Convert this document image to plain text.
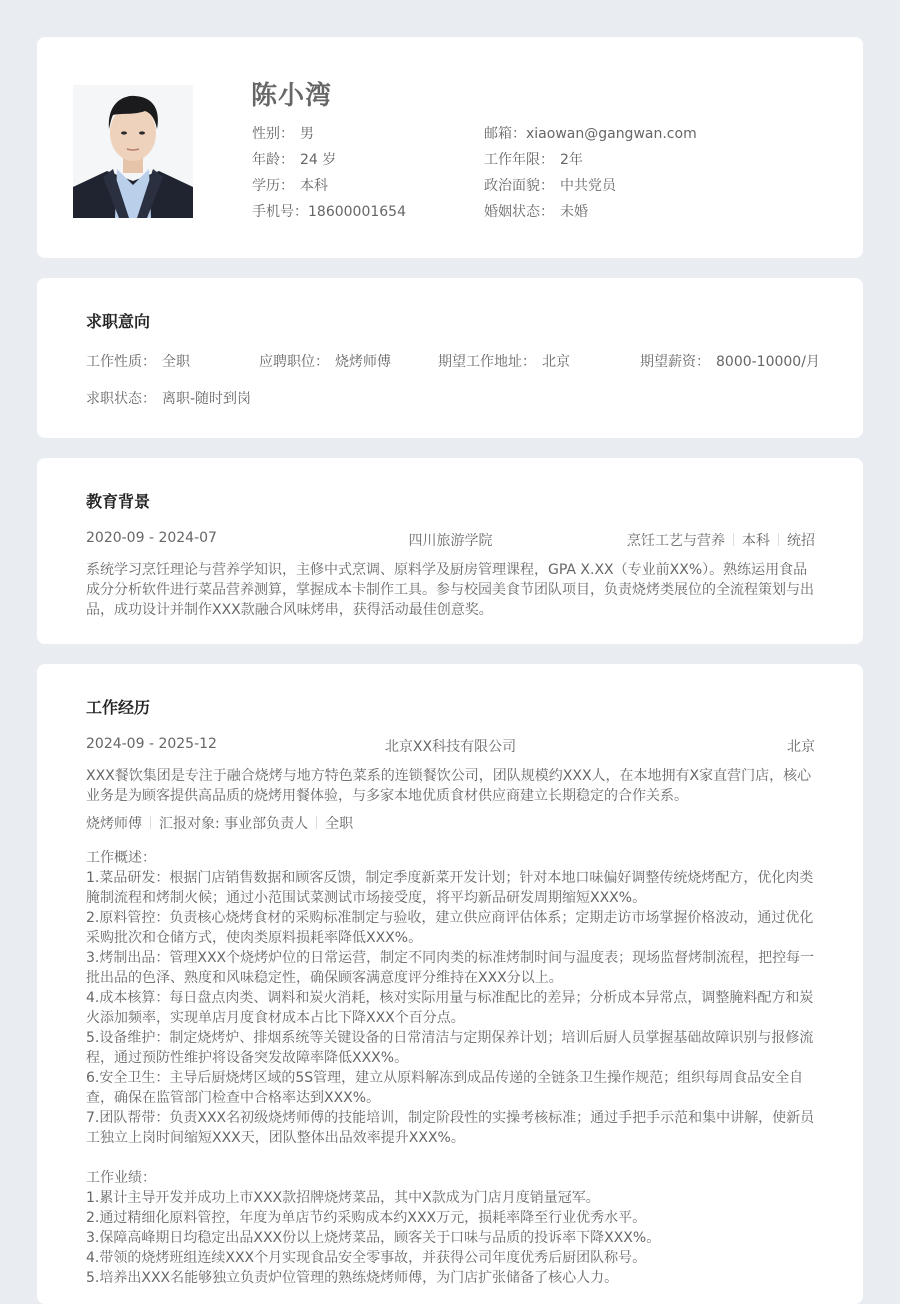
陈小湾
性别： 男
年龄： 24 岁
学历： 本科
手机号：18600001654
邮箱：xiaowan@gangwan.com
工作年限： 2年
政治面貌： 中共党员
婚姻状态： 未婚
求职意向
工作性质： 全职	应聘职位： 烧烤师傅	期望工作地址： 北京	期望薪资： 8000-10000/月
求职状态： 离职-随时到岗
教育背景
2020-09 - 2024-07	四川旅游学院	烹饪工艺与营养 本科 统招
系统学习烹饪理论与营养学知识，主修中式烹调、原料学及厨房管理课程，GPA X.XX（专业前XX%）。熟练运用食品成分分析软件进行菜品营养测算，掌握成本卡制作工具。参与校园美食节团队项目，负责烧烤类展位的全流程策划与出品，成功设计并制作XXX款融合风味烤串，获得活动最佳创意奖。
工作经历
2024-09 - 2025-12	北京XX科技有限公司	北京
XXX餐饮集团是专注于融合烧烤与地方特色菜系的连锁餐饮公司，团队规模约XXX人，在本地拥有X家直营门店，核心业务是为顾客提供高品质的烧烤用餐体验，与多家本地优质食材供应商建立长期稳定的合作关系。
烧烤师傅 汇报对象: 事业部负责人 全职

工作概述：

1.菜品研发：根据门店销售数据和顾客反馈，制定季度新菜开发计划；针对本地口味偏好调整传统烧烤配方，优化肉类腌制流程和烤制火候；通过小范围试菜测试市场接受度，将平均新品研发周期缩短XXX%。

2.原料管控：负责核心烧烤食材的采购标准制定与验收，建立供应商评估体系；定期走访市场掌握价格波动，通过优化采购批次和仓储方式，使肉类原料损耗率降低XXX%。

3.烤制出品：管理XXX个烧烤炉位的日常运营，制定不同肉类的标准烤制时间与温度表；现场监督烤制流程，把控每一批出品的色泽、熟度和风味稳定性，确保顾客满意度评分维持在XXX分以上。

4.成本核算：每日盘点肉类、调料和炭火消耗，核对实际用量与标准配比的差异；分析成本异常点，调整腌料配方和炭火添加频率，实现单店月度食材成本占比下降XXX个百分点。

5.设备维护：制定烧烤炉、排烟系统等关键设备的日常清洁与定期保养计划；培训后厨人员掌握基础故障识别与报修流程，通过预防性维护将设备突发故障率降低XXX%。

6.安全卫生：主导后厨烧烤区域的5S管理，建立从原料解冻到成品传递的全链条卫生操作规范；组织每周食品安全自查，确保在监管部门检查中合格率达到XXX%。

7.团队帮带：负责XXX名初级烧烤师傅的技能培训，制定阶段性的实操考核标准；通过手把手示范和集中讲解，使新员工独立上岗时间缩短XXX天，团队整体出品效率提升XXX%。

工作业绩：

1.累计主导开发并成功上市XXX款招牌烧烤菜品，其中X款成为门店月度销量冠军。

2.通过精细化原料管控，年度为单店节约采购成本约XXX万元，损耗率降至行业优秀水平。

3.保障高峰期日均稳定出品XXX份以上烧烤菜品，顾客关于口味与品质的投诉率下降XXX%。

4.带领的烧烤班组连续XXX个月实现食品安全零事故，并获得公司年度优秀后厨团队称号。

5.培养出XXX名能够独立负责炉位管理的熟练烧烤师傅，为门店扩张储备了核心人力。
